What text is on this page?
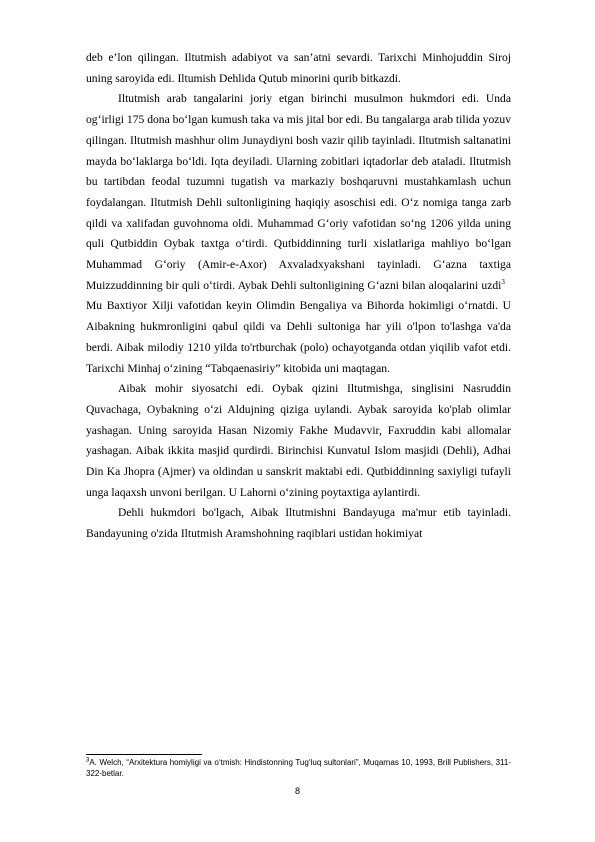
deb e’lon qilingan. Iltutmish adabiyot va san’atni sevardi. Tarixchi Minhojuddin Siroj uning saroyida edi. Iltumish Dehlida Qutub minorini qurib bitkazdi.

Iltutmish arab tangalarini joriy etgan birinchi musulmon hukmdori edi. Unda og‘irligi 175 dona bo‘lgan kumush taka va mis jital bor edi. Bu tangalarga arab tilida yozuv qilingan. Iltutmish mashhur olim Junaydiyni bosh vazir qilib tayinladi. Iltutmish saltanatini mayda bo‘laklarga bo‘ldi. Iqta deyiladi. Ularning zobitlari iqtadorlar deb ataladi. Iltutmish bu tartibdan feodal tuzumni tugatish va markaziy boshqaruvni mustahkamlash uchun foydalangan. Iltutmish Dehli sultonligining haqiqiy asoschisi edi. O‘z nomiga tanga zarb qildi va xalifadan guvohnoma oldi. Muhammad G‘oriy vafotidan so‘ng 1206 yilda uning quli Qutbiddin Oybak taxtga o‘tirdi. Qutbiddinning turli xislatlariga mahliyo bo‘lgan Muhammad G‘oriy (Amir-e-Axor) Axvaladxyakshani tayinladi. G‘azna taxtiga Muizzuddinning bir quli o‘tirdi. Aybak Dehli sultonligining G‘azni bilan aloqalarini uzdi$^3$   Mu Baxtiyor Xilji vafotidan keyin Olimdin Bengaliya va Bihorda hokimligi o‘rnatdi. U Aibakning hukmronligini qabul qildi va Dehli sultoniga har yili o'lpon to'lashga va'da berdi. Aibak milodiy 1210 yilda to'rtburchak (polo) ochayotganda otdan yiqilib vafot etdi. Tarixchi Minhaj o‘zining “Tabqaenasiriy” kitobida uni maqtagan.

Aibak mohir siyosatchi edi. Oybak qizini Iltutmishga, singlisini Nasruddin Quvachaga, Oybakning o‘zi Aldujning qiziga uylandi. Aybak saroyida ko'plab olimlar yashagan. Uning saroyida Hasan Nizomiy Fakhe Mudavvir, Faxruddin kabi allomalar yashagan. Aibak ikkita masjid qurdirdi. Birinchisi Kunvatul Islom masjidi (Dehli), Adhai Din Ka Jhopra (Ajmer) va oldindan u sanskrit maktabi edi. Qutbiddinning saxiyligi tufayli unga laqaxsh unvoni berilgan. U Lahorni o‘zining poytaxtiga aylantirdi.

Dehli hukmdori bo'lgach, Aibak Iltutmishni Bandayuga ma'mur etib tayinladi. Bandayuning o'zida Iltutmish Aramshohning raqiblari ustidan hokimiyat

$^3$A. Welch, “Arxitektura homiyligi va o‘tmish: Hindistonning Tug‘luq sultonlari”, Muqarnas 10, 1993, Brill Publishers, 311-322-betlar.
8
